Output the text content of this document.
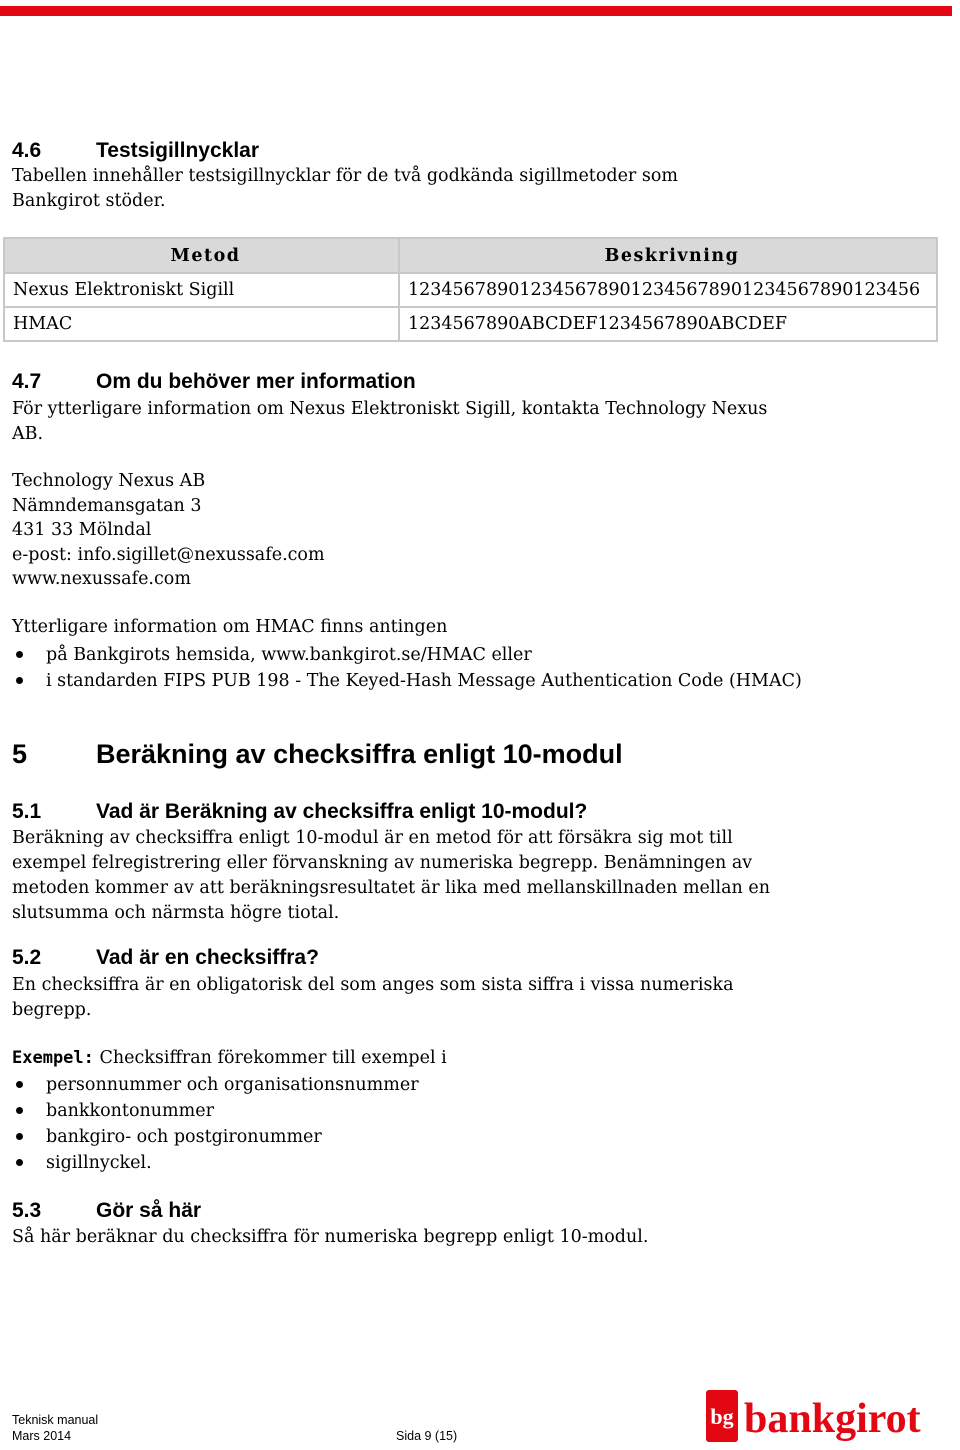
4.6	Testsigillnycklar
Tabellen innehåller testsigillnycklar för de två godkända sigillmetoder som Bankgirot stöder.
Metod	Beskrivning
Nexus Elektroniskt Sigill	1234567890123456789012345678901234567890123456
HMAC	1234567890ABCDEF1234567890ABCDEF
4.7	Om du behöver mer information
För ytterligare information om Nexus Elektroniskt Sigill, kontakta Technology Nexus AB.
Technology Nexus AB
Nämndemansgatan 3
431 33 Mölndal
e-post: info.sigillet@nexussafe.com
www.nexussafe.com
Ytterligare information om HMAC finns antingen
på Bankgirots hemsida, www.bankgirot.se/HMAC eller
i standarden FIPS PUB 198 - The Keyed-Hash Message Authentication Code (HMAC)
5	Beräkning av checksiffra enligt 10-modul
5.1	Vad är Beräkning av checksiffra enligt 10-modul?
Beräkning av checksiffra enligt 10-modul är en metod för att försäkra sig mot till exempel felregistrering eller förvanskning av numeriska begrepp. Benämningen av metoden kommer av att beräkningsresultatet är lika med mellanskillnaden mellan en slutsumma och närmsta högre tiotal.
5.2	Vad är en checksiffra?
En checksiffra är en obligatorisk del som anges som sista siffra i vissa numeriska begrepp.
Exempel: Checksiffran förekommer till exempel i
personnummer och organisationsnummer
bankkontonummer
bankgiro- och postgironummer
sigillnyckel.
5.3	Gör så här
Så här beräknar du checksiffra för numeriska begrepp enligt 10-modul.
Teknisk manual
Mars 2014	Sida 9 (15)
bg bankgirot
